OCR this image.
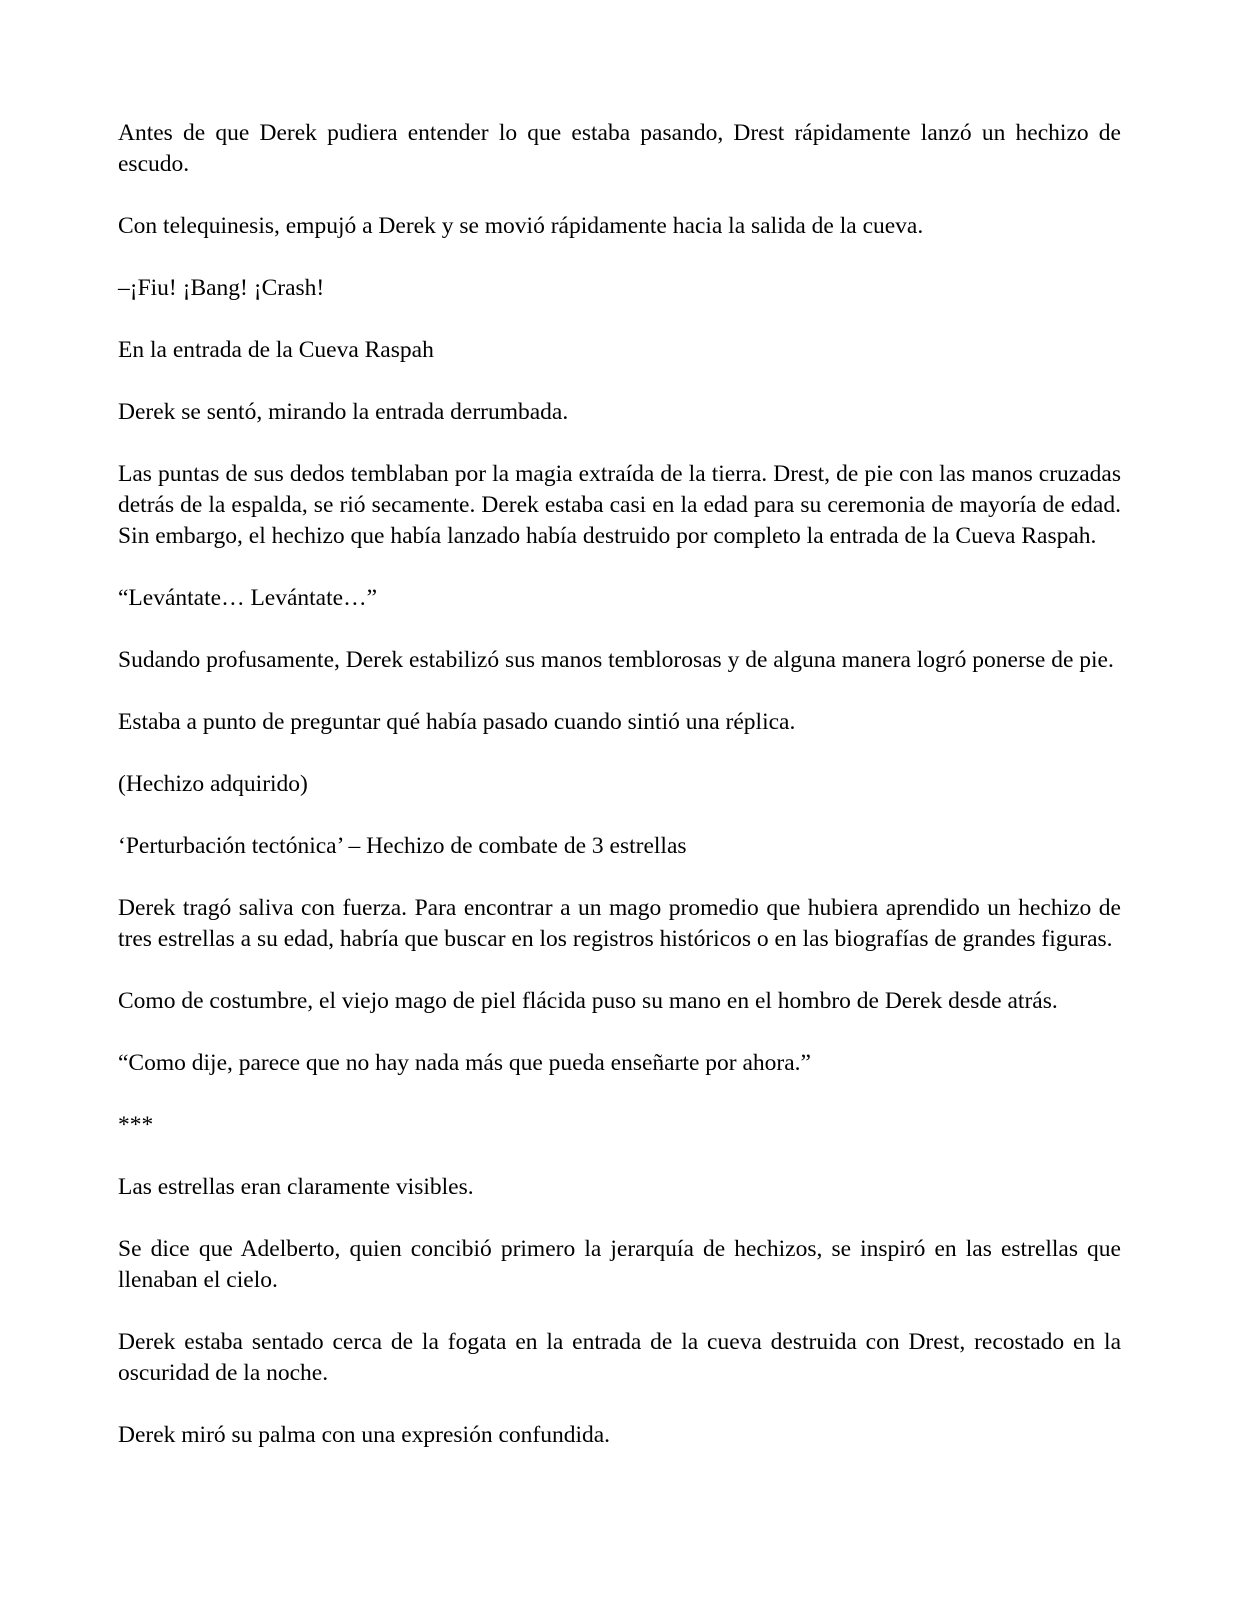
Antes de que Derek pudiera entender lo que estaba pasando, Drest rápidamente lanzó un hechizo de escudo.

Con telequinesis, empujó a Derek y se movió rápidamente hacia la salida de la cueva.

–¡Fiu! ¡Bang! ¡Crash!

En la entrada de la Cueva Raspah

Derek se sentó, mirando la entrada derrumbada.

Las puntas de sus dedos temblaban por la magia extraída de la tierra. Drest, de pie con las manos cruzadas detrás de la espalda, se rió secamente. Derek estaba casi en la edad para su ceremonia de mayoría de edad. Sin embargo, el hechizo que había lanzado había destruido por completo la entrada de la Cueva Raspah.

“Levántate… Levántate…”

Sudando profusamente, Derek estabilizó sus manos temblorosas y de alguna manera logró ponerse de pie.

Estaba a punto de preguntar qué había pasado cuando sintió una réplica.

(Hechizo adquirido)

‘Perturbación tectónica’ – Hechizo de combate de 3 estrellas

Derek tragó saliva con fuerza. Para encontrar a un mago promedio que hubiera aprendido un hechizo de tres estrellas a su edad, habría que buscar en los registros históricos o en las biografías de grandes figuras.

Como de costumbre, el viejo mago de piel flácida puso su mano en el hombro de Derek desde atrás.

“Como dije, parece que no hay nada más que pueda enseñarte por ahora.”

***

Las estrellas eran claramente visibles.

Se dice que Adelberto, quien concibió primero la jerarquía de hechizos, se inspiró en las estrellas que llenaban el cielo.

Derek estaba sentado cerca de la fogata en la entrada de la cueva destruida con Drest, recostado en la oscuridad de la noche.

Derek miró su palma con una expresión confundida.
